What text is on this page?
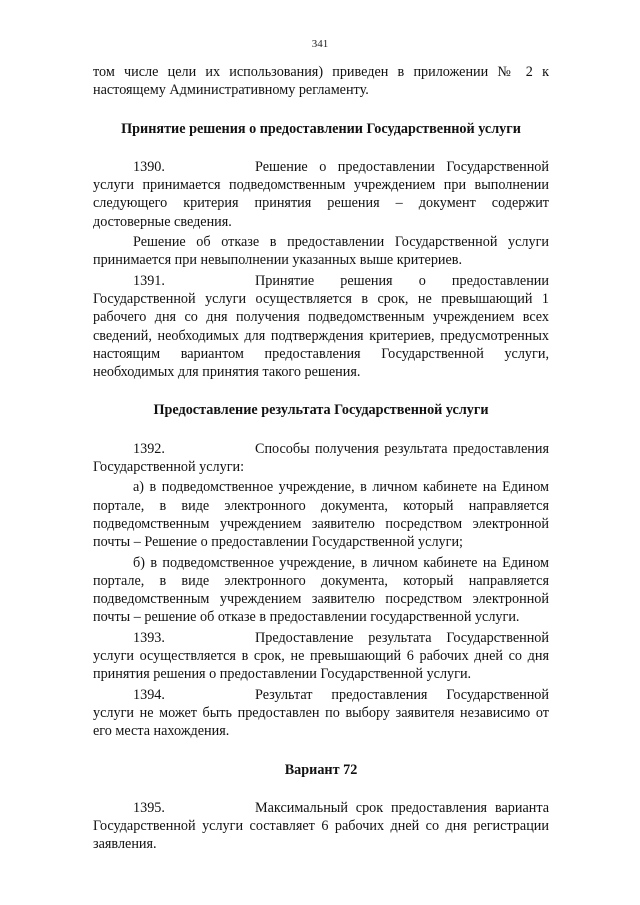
341

том числе цели их использования) приведен в приложении № 2 к настоящему Административному регламенту.

Принятие решения о предоставлении Государственной услуги

1390.	Решение о предоставлении Государственной услуги принимается подведомственным учреждением при выполнении следующего критерия принятия решения – документ содержит достоверные сведения.

Решение об отказе в предоставлении Государственной услуги принимается при невыполнении указанных выше критериев.

1391.	Принятие решения о предоставлении Государственной услуги осуществляется в срок, не превышающий 1 рабочего дня со дня получения подведомственным учреждением всех сведений, необходимых для подтверждения критериев, предусмотренных настоящим вариантом предоставления Государственной услуги, необходимых для принятия такого решения.

Предоставление результата Государственной услуги

1392.	Способы получения результата предоставления Государственной услуги:

а) в подведомственное учреждение, в личном кабинете на Едином портале, в виде электронного документа, который направляется подведомственным учреждением заявителю посредством электронной почты – Решение о предоставлении Государственной услуги;

б) в подведомственное учреждение, в личном кабинете на Едином портале, в виде электронного документа, который направляется подведомственным учреждением заявителю посредством электронной почты – решение об отказе в предоставлении государственной услуги.

1393.	Предоставление результата Государственной услуги осуществляется в срок, не превышающий 6 рабочих дней со дня принятия решения о предоставлении Государственной услуги.

1394.	Результат предоставления Государственной услуги не может быть предоставлен по выбору заявителя независимо от его места нахождения.

Вариант 72

1395.	Максимальный срок предоставления варианта Государственной услуги составляет 6 рабочих дней со дня регистрации заявления.
